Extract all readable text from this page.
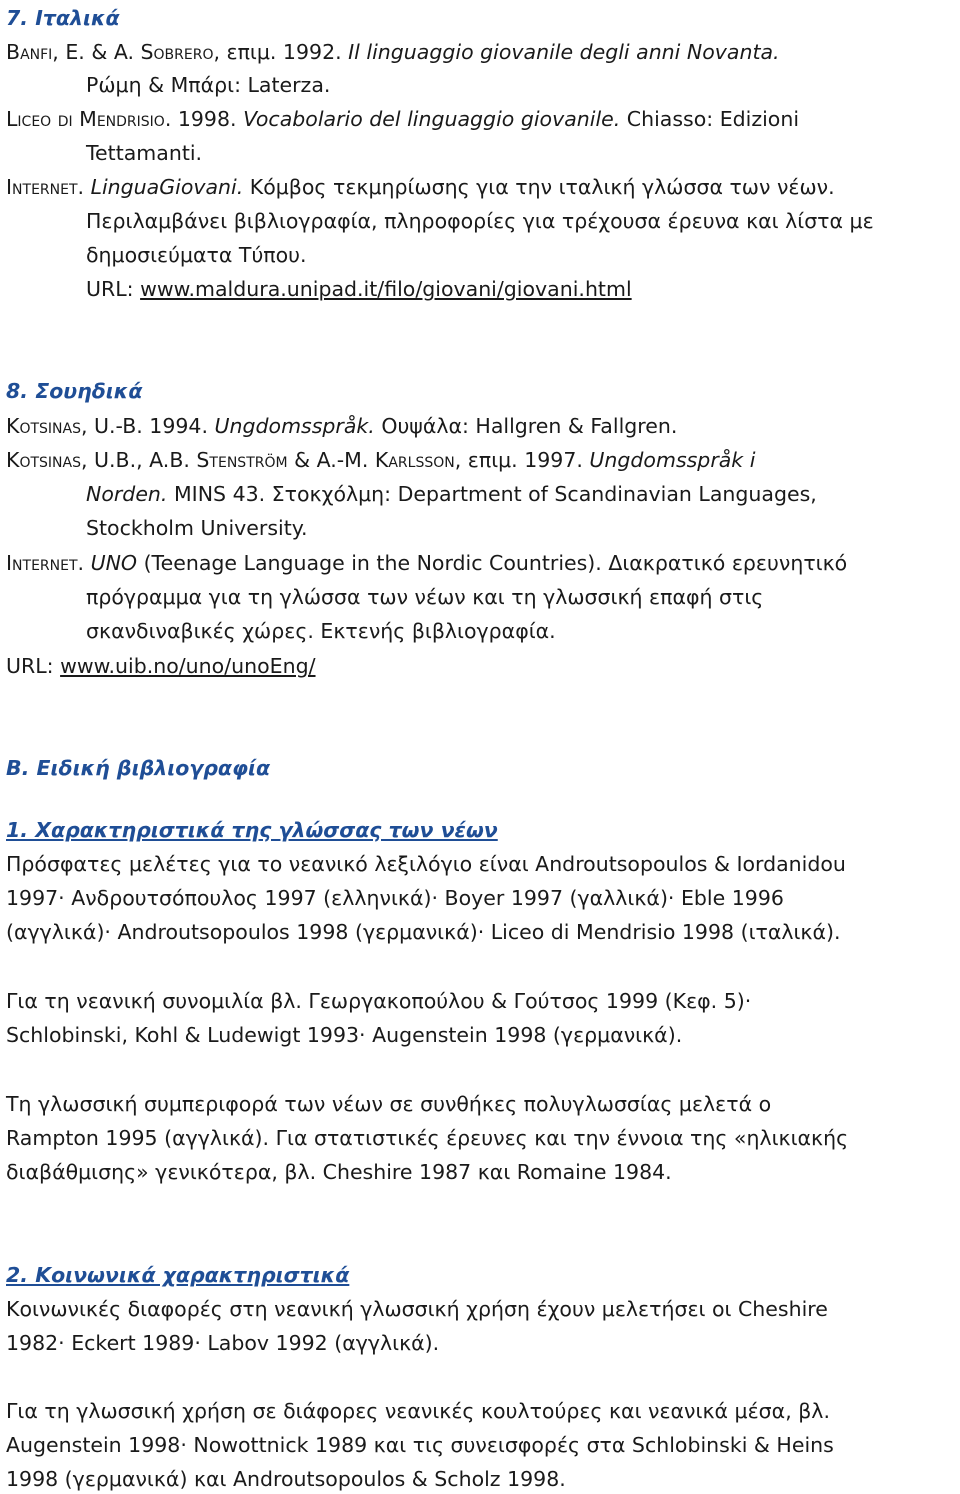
7. Ιταλικά
Banfi, E. & A. Sobrero, επιμ. 1992. Il linguaggio giovanile degli anni Novanta.
Ρώμη & Μπάρι: Laterza.
Liceo di Mendrisio. 1998. Vocabolario del linguaggio giovanile. Chiasso: Edizioni
Tettamanti.
Internet. LinguaGiovani. Κόμβος τεκμηρίωσης για την ιταλική γλώσσα των νέων.
Περιλαμβάνει βιβλιογραφία, πληροφορίες για τρέχουσα έρευνα και λίστα με
δημοσιεύματα Τύπου.
URL: www.maldura.unipad.it/filo/giovani/giovani.html
8. Σουηδικά
Kotsinas, U.-B. 1994. Ungdomsspråk. Ουψάλα: Hallgren & Fallgren.
Kotsinas, U.B., A.B. Stenström & A.-M. Karlsson, επιμ. 1997. Ungdomsspråk i
Norden. MINS 43. Στοκχόλμη: Department of Scandinavian Languages,
Stockholm University.
Internet. UNO (Teenage Language in the Nordic Countries). Διακρατικό ερευνητικό
πρόγραμμα για τη γλώσσα των νέων και τη γλωσσική επαφή στις
σκανδιναβικές χώρες. Εκτενής βιβλιογραφία.
URL: www.uib.no/uno/unoEng/
Β. Ειδική βιβλιογραφία
1. Χαρακτηριστικά της γλώσσας των νέων
Πρόσφατες μελέτες για το νεανικό λεξιλόγιο είναι Androutsopoulos & Iordanidou
1997· Ανδρουτσόπουλος 1997 (ελληνικά)· Boyer 1997 (γαλλικά)· Eble 1996
(αγγλικά)· Androutsopoulos 1998 (γερμανικά)· Liceo di Mendrisio 1998 (ιταλικά).
Για τη νεανική συνομιλία βλ. Γεωργακοπούλου & Γούτσος 1999 (Κεφ. 5)·
Schlobinski, Kohl & Ludewigt 1993· Augenstein 1998 (γερμανικά).
Τη γλωσσική συμπεριφορά των νέων σε συνθήκες πολυγλωσσίας μελετά ο
Rampton 1995 (αγγλικά). Για στατιστικές έρευνες και την έννοια της «ηλικιακής
διαβάθμισης» γενικότερα, βλ. Cheshire 1987 και Romaine 1984.
2. Κοινωνικά χαρακτηριστικά
Κοινωνικές διαφορές στη νεανική γλωσσική χρήση έχουν μελετήσει οι Cheshire
1982· Eckert 1989· Labov 1992 (αγγλικά).
Για τη γλωσσική χρήση σε διάφορες νεανικές κουλτούρες και νεανικά μέσα, βλ.
Augenstein 1998· Nowottnick 1989 και τις συνεισφορές στα Schlobinski & Heins
1998 (γερμανικά) και Androutsopoulos & Scholz 1998.
